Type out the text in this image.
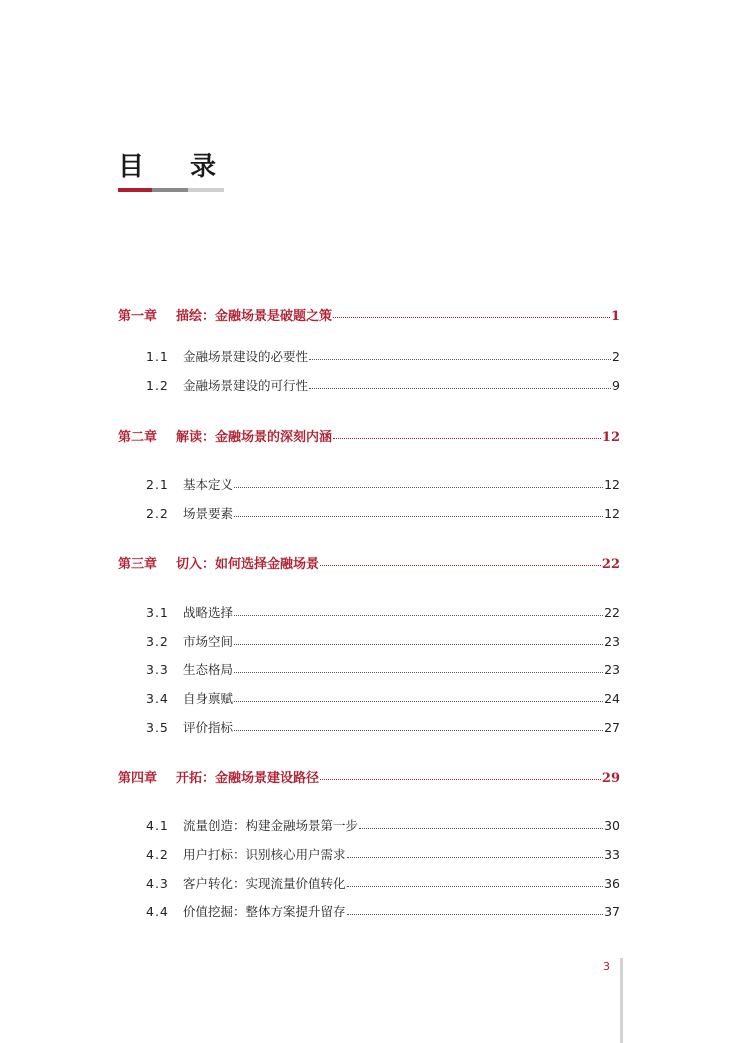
目 录
第一章	描绘：金融场景是破题之策	1
1.1	金融场景建设的必要性	2
1.2	金融场景建设的可行性	9
第二章	解读：金融场景的深刻内涵	12
2.1	基本定义	12
2.2	场景要素	12
第三章	切入：如何选择金融场景	22
3.1	战略选择	22
3.2	市场空间	23
3.3	生态格局	23
3.4	自身禀赋	24
3.5	评价指标	27
第四章	开拓：金融场景建设路径	29
4.1	流量创造：构建金融场景第一步	30
4.2	用户打标：识别核心用户需求	33
4.3	客户转化：实现流量价值转化	36
4.4	价值挖掘：整体方案提升留存	37
3
